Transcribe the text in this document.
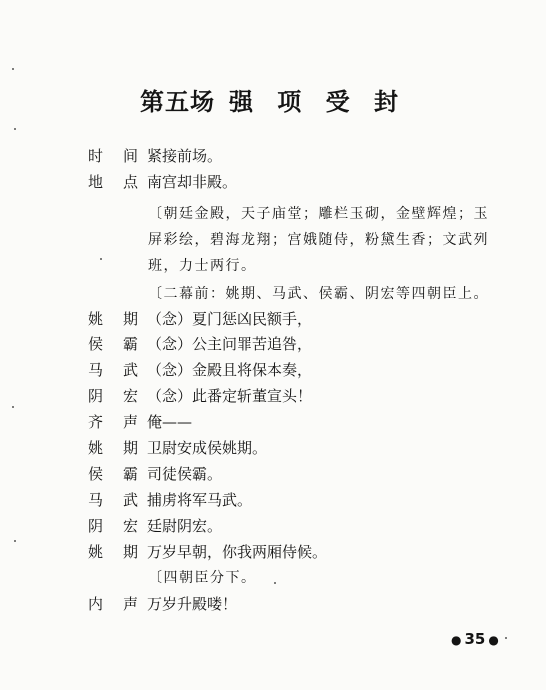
第五场 强 项 受 封
时 间 紧接前场。
地 点 南宫却非殿。
〔朝廷金殿，天子庙堂；雕栏玉砌，金壁辉煌；玉
屏彩绘，碧海龙翔；宫娥随侍，粉黛生香；文武列
班，力士两行。
〔二幕前：姚期、马武、侯霸、阴宏等四朝臣上。
姚 期 （念）夏门惩凶民额手，
侯 霸 （念）公主问罪苦追咎，
马 武 （念）金殿且将保本奏，
阴 宏 （念）此番定斩董宣头！
齐 声 俺——
姚 期 卫尉安成侯姚期。
侯 霸 司徒侯霸。
马 武 捕虏将军马武。
阴 宏 廷尉阴宏。
姚 期 万岁早朝，你我两厢侍候。
〔四朝臣分下。
内 声 万岁升殿喽！
● 35 ●
